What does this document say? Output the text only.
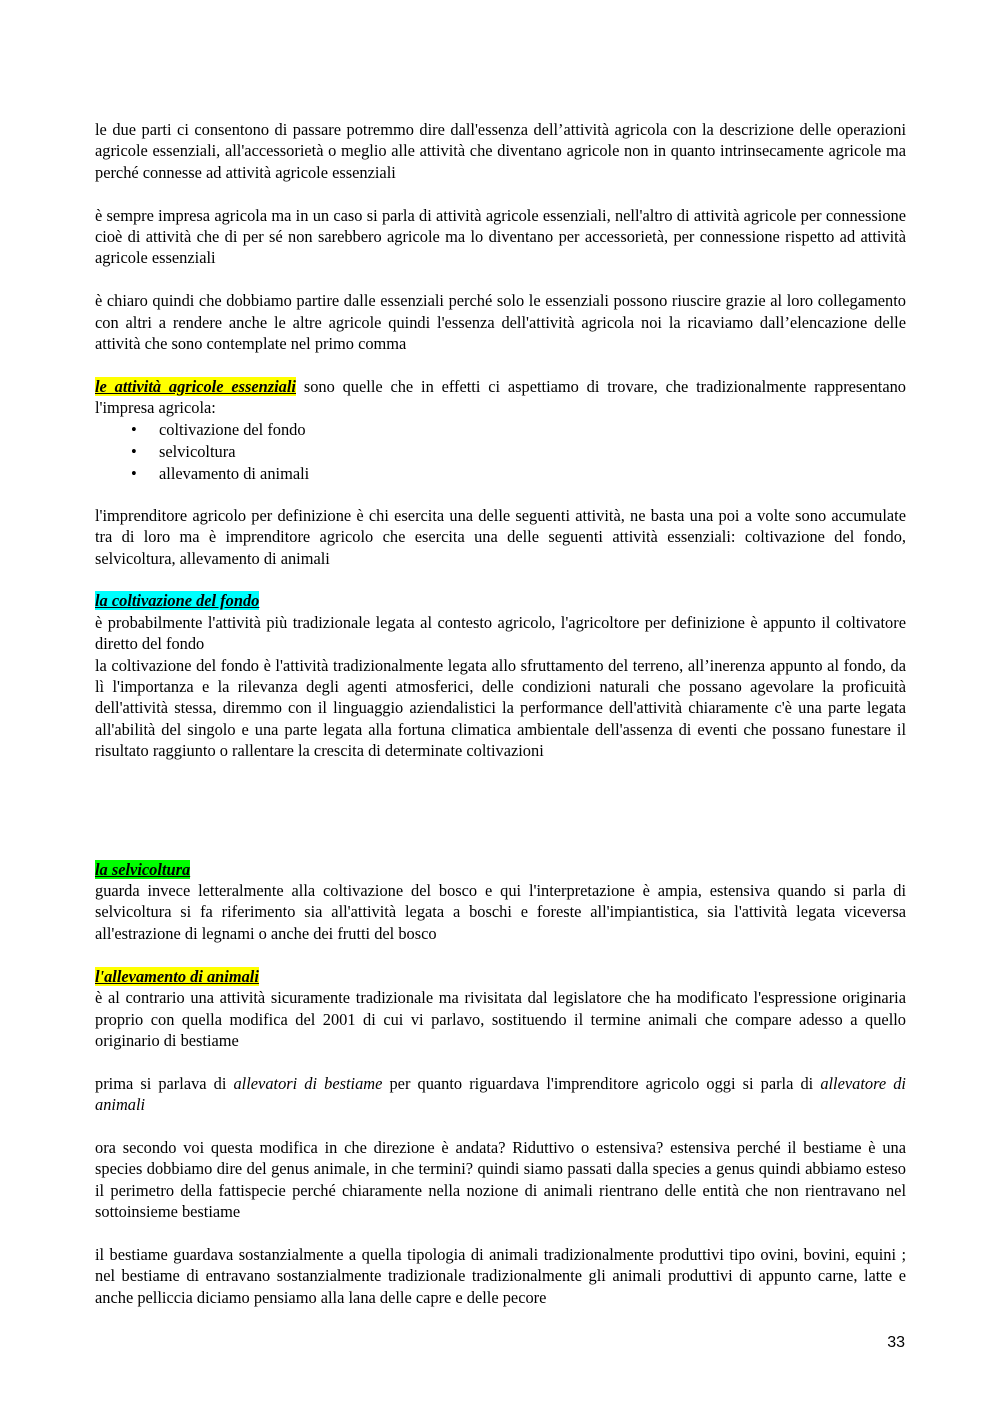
le due parti ci consentono di passare potremmo dire dall'essenza dell’attività agricola con la descrizione delle operazioni agricole essenziali, all'accessorietà o meglio alle attività che diventano agricole non in quanto intrinsecamente agricole ma perché connesse ad attività agricole essenziali

è sempre impresa agricola ma in un caso si parla di attività agricole essenziali, nell'altro di attività agricole per connessione cioè di attività che di per sé non sarebbero agricole ma lo diventano per accessorietà, per connessione rispetto ad attività agricole essenziali

è chiaro quindi che dobbiamo partire dalle essenziali perché solo le essenziali possono riuscire grazie al loro collegamento con altri a rendere anche le altre agricole quindi l'essenza dell'attività agricola noi la ricaviamo dall’elencazione delle attività che sono contemplate nel primo comma

le attività agricole essenziali sono quelle che in effetti ci aspettiamo di trovare, che tradizionalmente rappresentano l'impresa agricola:

• coltivazione del fondo
• selvicoltura
• allevamento di animali

l'imprenditore agricolo per definizione è chi esercita una delle seguenti attività, ne basta una poi a volte sono accumulate tra di loro ma è imprenditore agricolo che esercita una delle seguenti attività essenziali: coltivazione del fondo, selvicoltura, allevamento di animali

la coltivazione del fondo

è probabilmente l'attività più tradizionale legata al contesto agricolo, l'agricoltore per definizione è appunto il coltivatore diretto del fondo

la coltivazione del fondo è l'attività tradizionalmente legata allo sfruttamento del terreno, all’inerenza appunto al fondo, da lì l'importanza e la rilevanza degli agenti atmosferici, delle condizioni naturali che possano agevolare la proficuità dell'attività stessa, diremmo con il linguaggio aziendalistici la performance dell'attività chiaramente c'è una parte legata all'abilità del singolo e una parte legata alla fortuna climatica ambientale dell'assenza di eventi che possano funestare il risultato raggiunto o rallentare la crescita di determinate coltivazioni

la selvicoltura

guarda invece letteralmente alla coltivazione del bosco e qui l'interpretazione è ampia, estensiva quando si parla di selvicoltura si fa riferimento sia all'attività legata a boschi e foreste all'impiantistica, sia l'attività legata viceversa all'estrazione di legnami o anche dei frutti del bosco

l'allevamento di animali

è al contrario una attività sicuramente tradizionale ma rivisitata dal legislatore che ha modificato l'espressione originaria proprio con quella modifica del 2001 di cui vi parlavo, sostituendo il termine animali che compare adesso a quello originario di bestiame

prima si parlava di allevatori di bestiame per quanto riguardava l'imprenditore agricolo oggi si parla di allevatore di animali

ora secondo voi questa modifica in che direzione è andata? Riduttivo o estensiva? estensiva perché il bestiame è una species dobbiamo dire del genus animale, in che termini? quindi siamo passati dalla species a genus quindi abbiamo esteso il perimetro della fattispecie perché chiaramente nella nozione di animali rientrano delle entità che non rientravano nel sottoinsieme bestiame

il bestiame guardava sostanzialmente a quella tipologia di animali tradizionalmente produttivi tipo ovini, bovini, equini ; nel bestiame di entravano sostanzialmente tradizionale tradizionalmente gli animali produttivi di appunto carne, latte e anche pelliccia diciamo pensiamo alla lana delle capre e delle pecore

33
